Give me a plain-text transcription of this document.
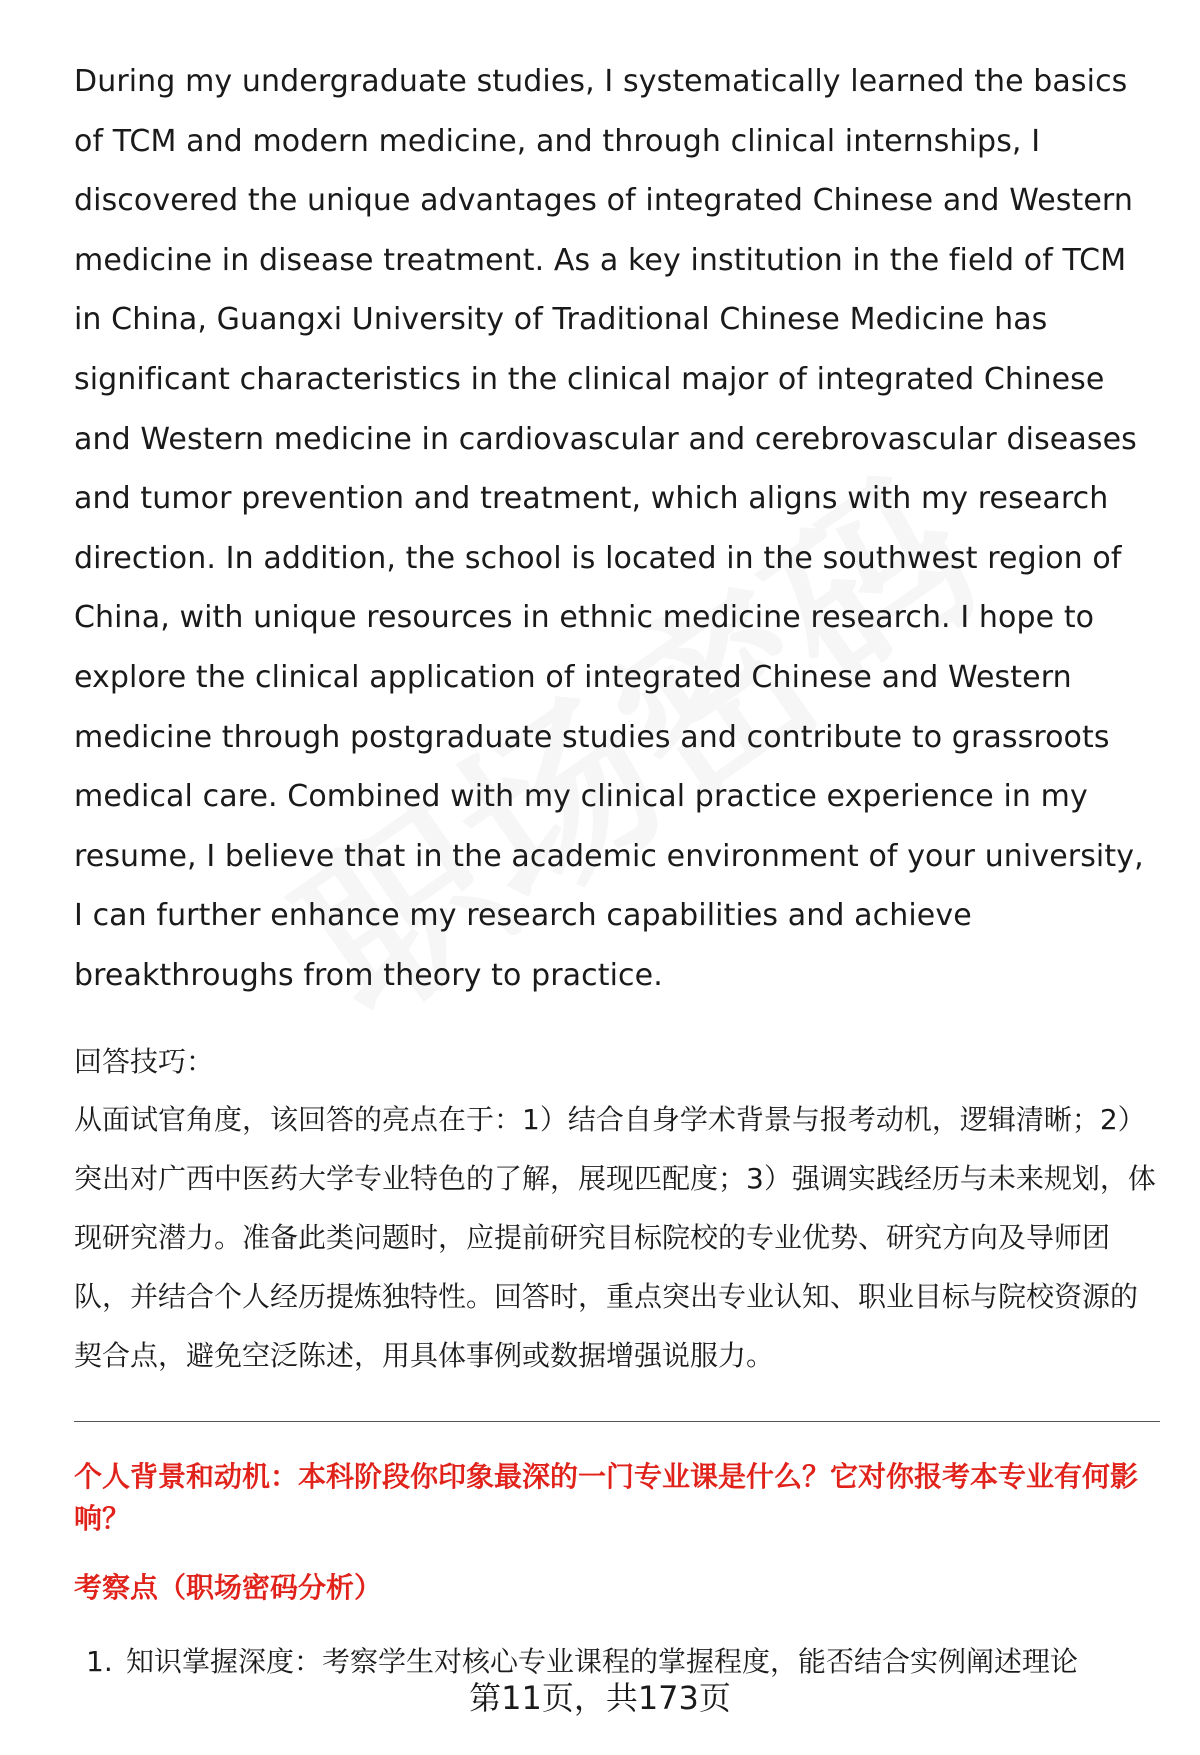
During my undergraduate studies, I systematically learned the basics of TCM and modern medicine, and through clinical internships, I discovered the unique advantages of integrated Chinese and Western medicine in disease treatment. As a key institution in the field of TCM in China, Guangxi University of Traditional Chinese Medicine has significant characteristics in the clinical major of integrated Chinese and Western medicine in cardiovascular and cerebrovascular diseases and tumor prevention and treatment, which aligns with my research direction. In addition, the school is located in the southwest region of China, with unique resources in ethnic medicine research. I hope to explore the clinical application of integrated Chinese and Western medicine through postgraduate studies and contribute to grassroots medical care. Combined with my clinical practice experience in my resume, I believe that in the academic environment of your university, I can further enhance my research capabilities and achieve breakthroughs from theory to practice.

回答技巧：

从面试官角度，该回答的亮点在于：1）结合自身学术背景与报考动机，逻辑清晰；2）突出对广西中医药大学专业特色的了解，展现匹配度；3）强调实践经历与未来规划，体现研究潜力。准备此类问题时，应提前研究目标院校的专业优势、研究方向及导师团队，并结合个人经历提炼独特性。回答时，重点突出专业认知、职业目标与院校资源的契合点，避免空泛陈述，用具体事例或数据增强说服力。

个人背景和动机：本科阶段你印象最深的一门专业课是什么？它对你报考本专业有何影响？
考察点（职场密码分析）
1. 知识掌握深度：考察学生对核心专业课程的掌握程度，能否结合实例阐述理论
第11页，共173页
